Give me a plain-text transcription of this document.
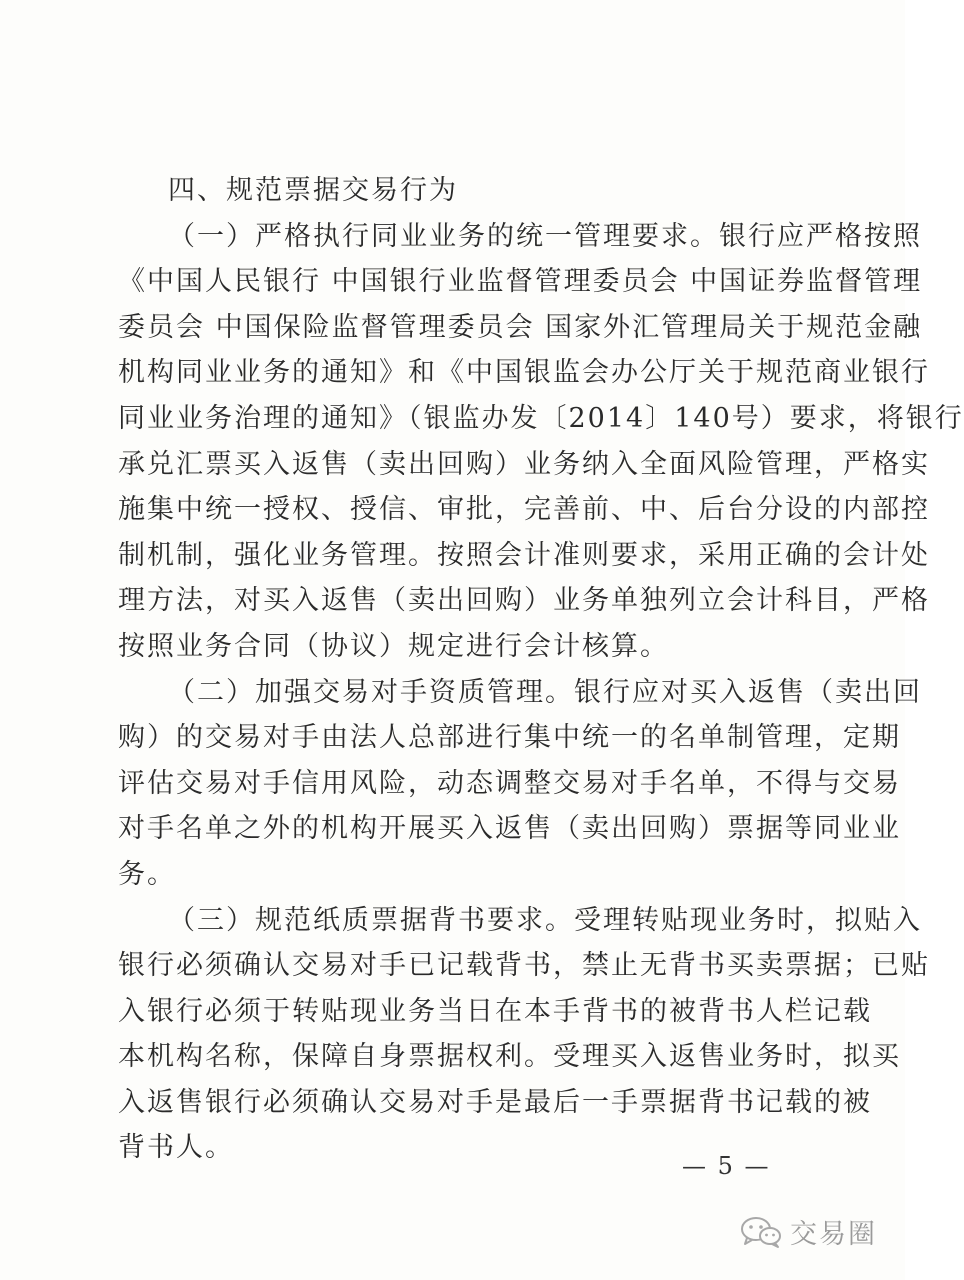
四、规范票据交易行为
（一）严格执行同业业务的统一管理要求。银行应严格按照
《中国人民银行 中国银行业监督管理委员会 中国证券监督管理
委员会 中国保险监督管理委员会 国家外汇管理局关于规范金融
机构同业业务的通知》和《中国银监会办公厅关于规范商业银行
同业业务治理的通知》（银监办发〔2014〕140号）要求，将银行
承兑汇票买入返售（卖出回购）业务纳入全面风险管理，严格实
施集中统一授权、授信、审批，完善前、中、后台分设的内部控
制机制，强化业务管理。按照会计准则要求，采用正确的会计处
理方法，对买入返售（卖出回购）业务单独列立会计科目，严格
按照业务合同（协议）规定进行会计核算。
（二）加强交易对手资质管理。银行应对买入返售（卖出回
购）的交易对手由法人总部进行集中统一的名单制管理，定期
评估交易对手信用风险，动态调整交易对手名单，不得与交易
对手名单之外的机构开展买入返售（卖出回购）票据等同业业
务。
（三）规范纸质票据背书要求。受理转贴现业务时，拟贴入
银行必须确认交易对手已记载背书，禁止无背书买卖票据；已贴
入银行必须于转贴现业务当日在本手背书的被背书人栏记载
本机构名称，保障自身票据权利。受理买入返售业务时，拟买
入返售银行必须确认交易对手是最后一手票据背书记载的被
背书人。
— 5 —
交易圈
